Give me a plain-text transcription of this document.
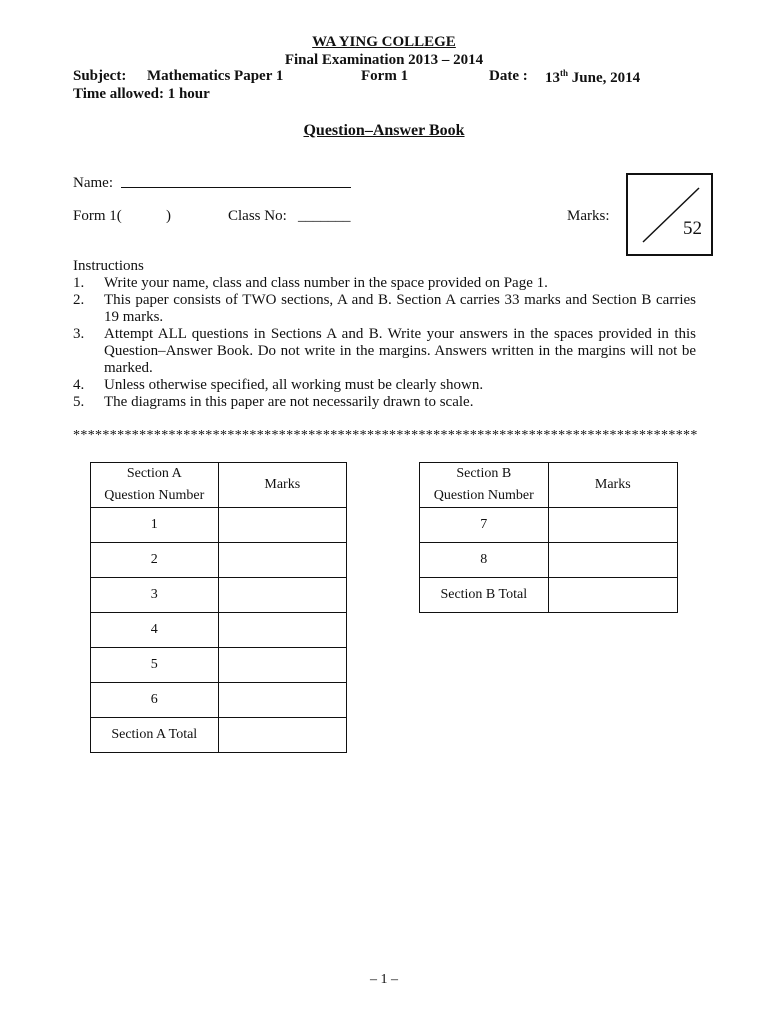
WA YING COLLEGE
Final Examination 2013 – 2014
Subject: Mathematics Paper 1	Form 1	Date : 13th June, 2014
Time allowed: 1 hour
Question–Answer Book
Name:
Form 1(	)	Class No: _______	Marks:
52
Instructions
1.	Write your name, class and class number in the space provided on Page 1.
2.	This paper consists of TWO sections, A and B. Section A carries 33 marks and Section B carries 19 marks.
3.	Attempt ALL questions in Sections A and B. Write your answers in the spaces provided in this Question–Answer Book. Do not write in the margins. Answers written in the margins will not be marked.
4.	Unless otherwise specified, all working must be clearly shown.
5.	The diagrams in this paper are not necessarily drawn to scale.
*************************************************************************************
Section A
Question Number	Marks
1	
2	
3	
4	
5	
6	
Section A Total	
Section B
Question Number	Marks
7	
8	
Section B Total	
– 1 –
